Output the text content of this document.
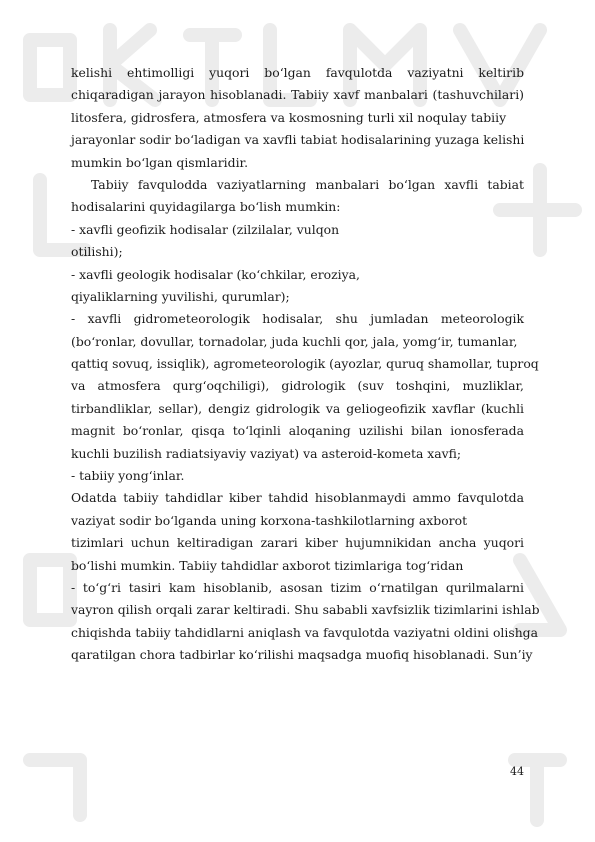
kelishi ehtimolligi yuqori bo‘lgan favqulotda vaziyatni keltirib
chiqaradigan jarayon hisoblanadi. Tabiiy xavf manbalari (tashuvchilari)
litosfera, gidrosfera, atmosfera va kosmosning turli xil noqulay tabiiy
jarayonlar sodir bo‘ladigan va xavfli tabiat hodisalarining yuzaga kelishi
mumkin bo‘lgan qismlaridir.
Tabiiy favqulodda vaziyatlarning manbalari bo‘lgan xavfli tabiat
hodisalarini quyidagilarga bo‘lish mumkin:
- xavfli geofizik hodisalar (zilzilalar, vulqon
otilishi);
- xavfli geologik hodisalar (ko‘chkilar, eroziya,
qiyaliklarning yuvilishi, qurumlar);
- xavfli gidrometeorologik hodisalar, shu jumladan meteorologik
(bo‘ronlar, dovullar, tornadolar, juda kuchli qor, jala, yomg‘ir, tumanlar,
qattiq sovuq, issiqlik), agrometeorologik (ayozlar, quruq shamollar, tuproq
va atmosfera qurg‘oqchiligi), gidrologik (suv toshqini, muzliklar,
tirbandliklar, sellar), dengiz gidrologik va geliogeofizik xavflar (kuchli
magnit bo‘ronlar, qisqa to‘lqinli aloqaning uzilishi bilan ionosferada
kuchli buzilish radiatsiyaviy vaziyat) va asteroid-kometa xavfi;
- tabiiy yong‘inlar.
Odatda tabiiy tahdidlar kiber tahdid hisoblanmaydi ammo favqulotda
vaziyat sodir bo‘lganda uning korxona-tashkilotlarning axborot
tizimlari uchun keltiradigan zarari kiber hujumnikidan ancha yuqori
bo‘lishi mumkin. Tabiiy tahdidlar axborot tizimlariga tog‘ridan
- to‘g‘ri tasiri kam hisoblanib, asosan tizim o‘rnatilgan qurilmalarni
vayron qilish orqali zarar keltiradi. Shu sababli xavfsizlik tizimlarini ishlab
chiqishda tabiiy tahdidlarni aniqlash va favqulotda vaziyatni oldini olishga
qaratilgan chora tadbirlar ko‘rilishi maqsadga muofiq hisoblanadi. Sun’iy
44
